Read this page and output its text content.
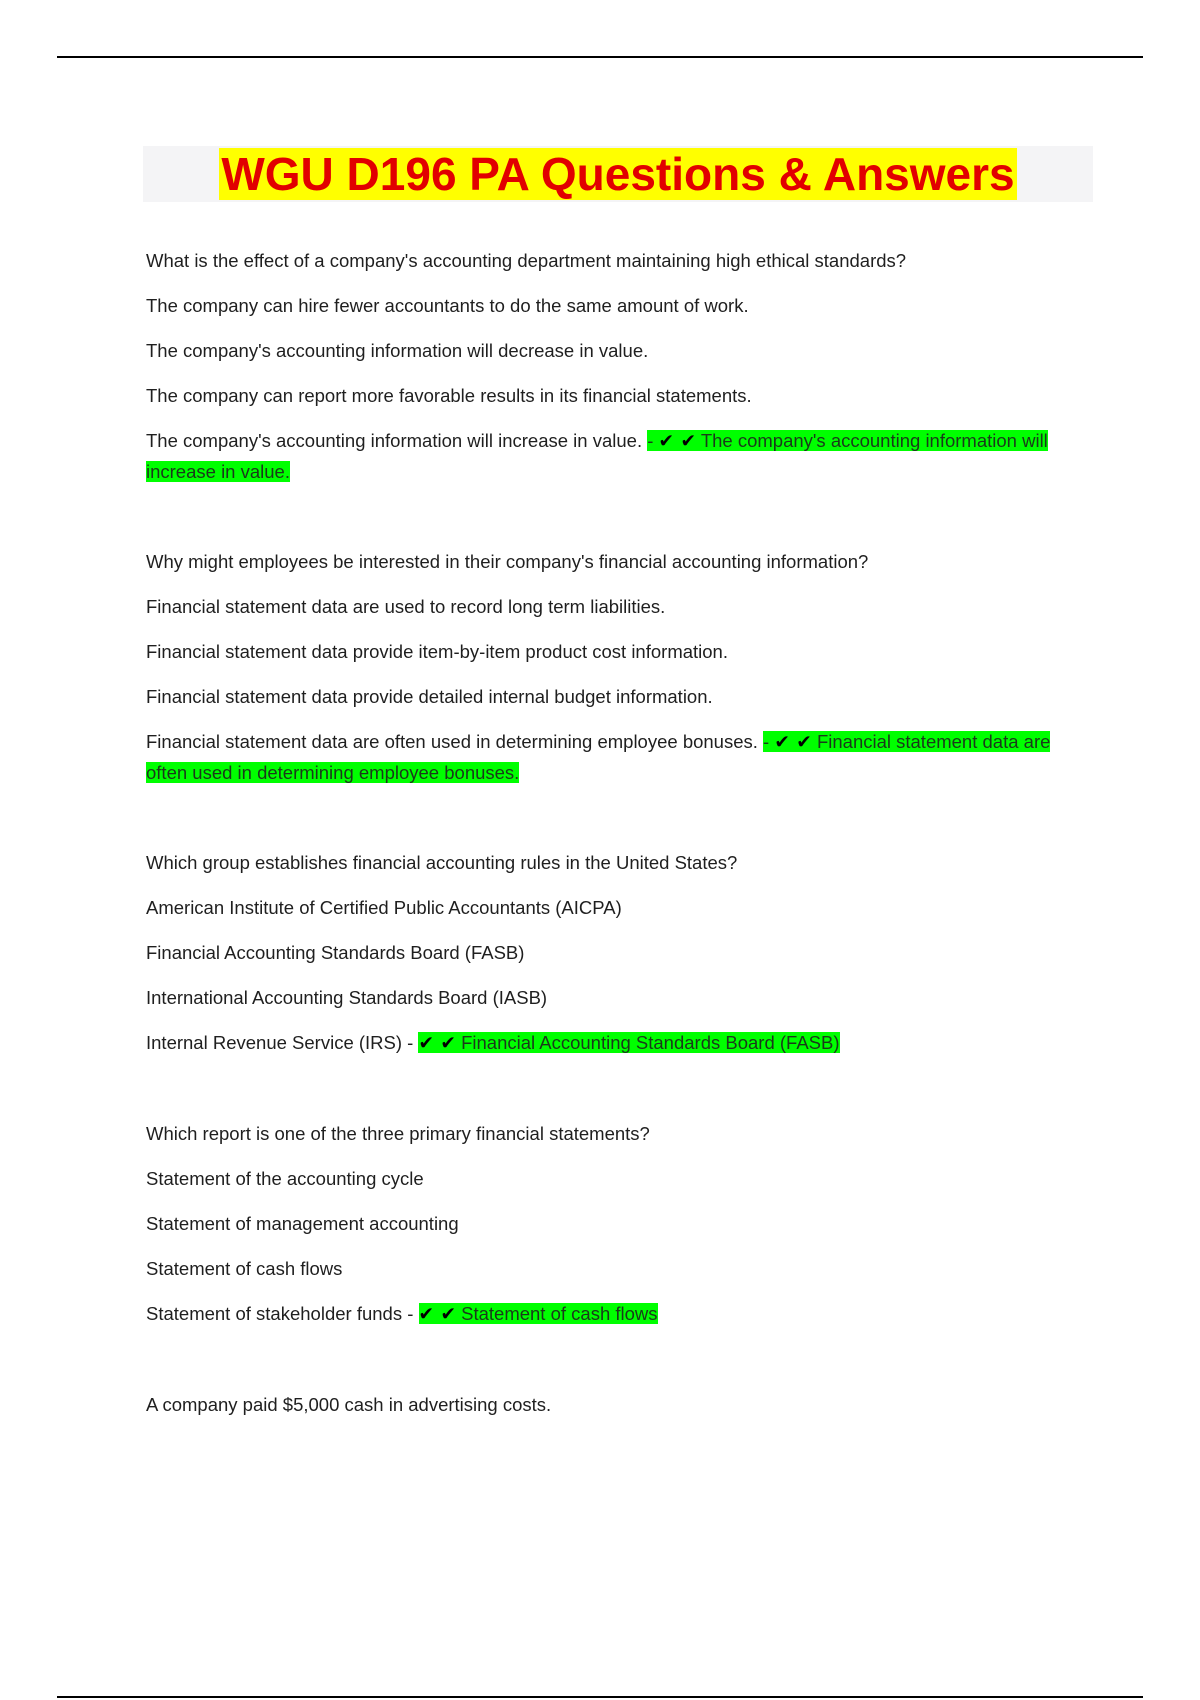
WGU D196 PA Questions & Answers

What is the effect of a company's accounting department maintaining high ethical standards?

The company can hire fewer accountants to do the same amount of work.

The company's accounting information will decrease in value.

The company can report more favorable results in its financial statements.

The company's accounting information will increase in value. - ✔ ✔ The company's accounting information will increase in value.

Why might employees be interested in their company's financial accounting information?

Financial statement data are used to record long term liabilities.

Financial statement data provide item-by-item product cost information.

Financial statement data provide detailed internal budget information.

Financial statement data are often used in determining employee bonuses. - ✔ ✔ Financial statement data are often used in determining employee bonuses.

Which group establishes financial accounting rules in the United States?

American Institute of Certified Public Accountants (AICPA)

Financial Accounting Standards Board (FASB)

International Accounting Standards Board (IASB)

Internal Revenue Service (IRS) - ✔ ✔ Financial Accounting Standards Board (FASB)

Which report is one of the three primary financial statements?

Statement of the accounting cycle

Statement of management accounting

Statement of cash flows

Statement of stakeholder funds - ✔ ✔ Statement of cash flows

A company paid $5,000 cash in advertising costs.
